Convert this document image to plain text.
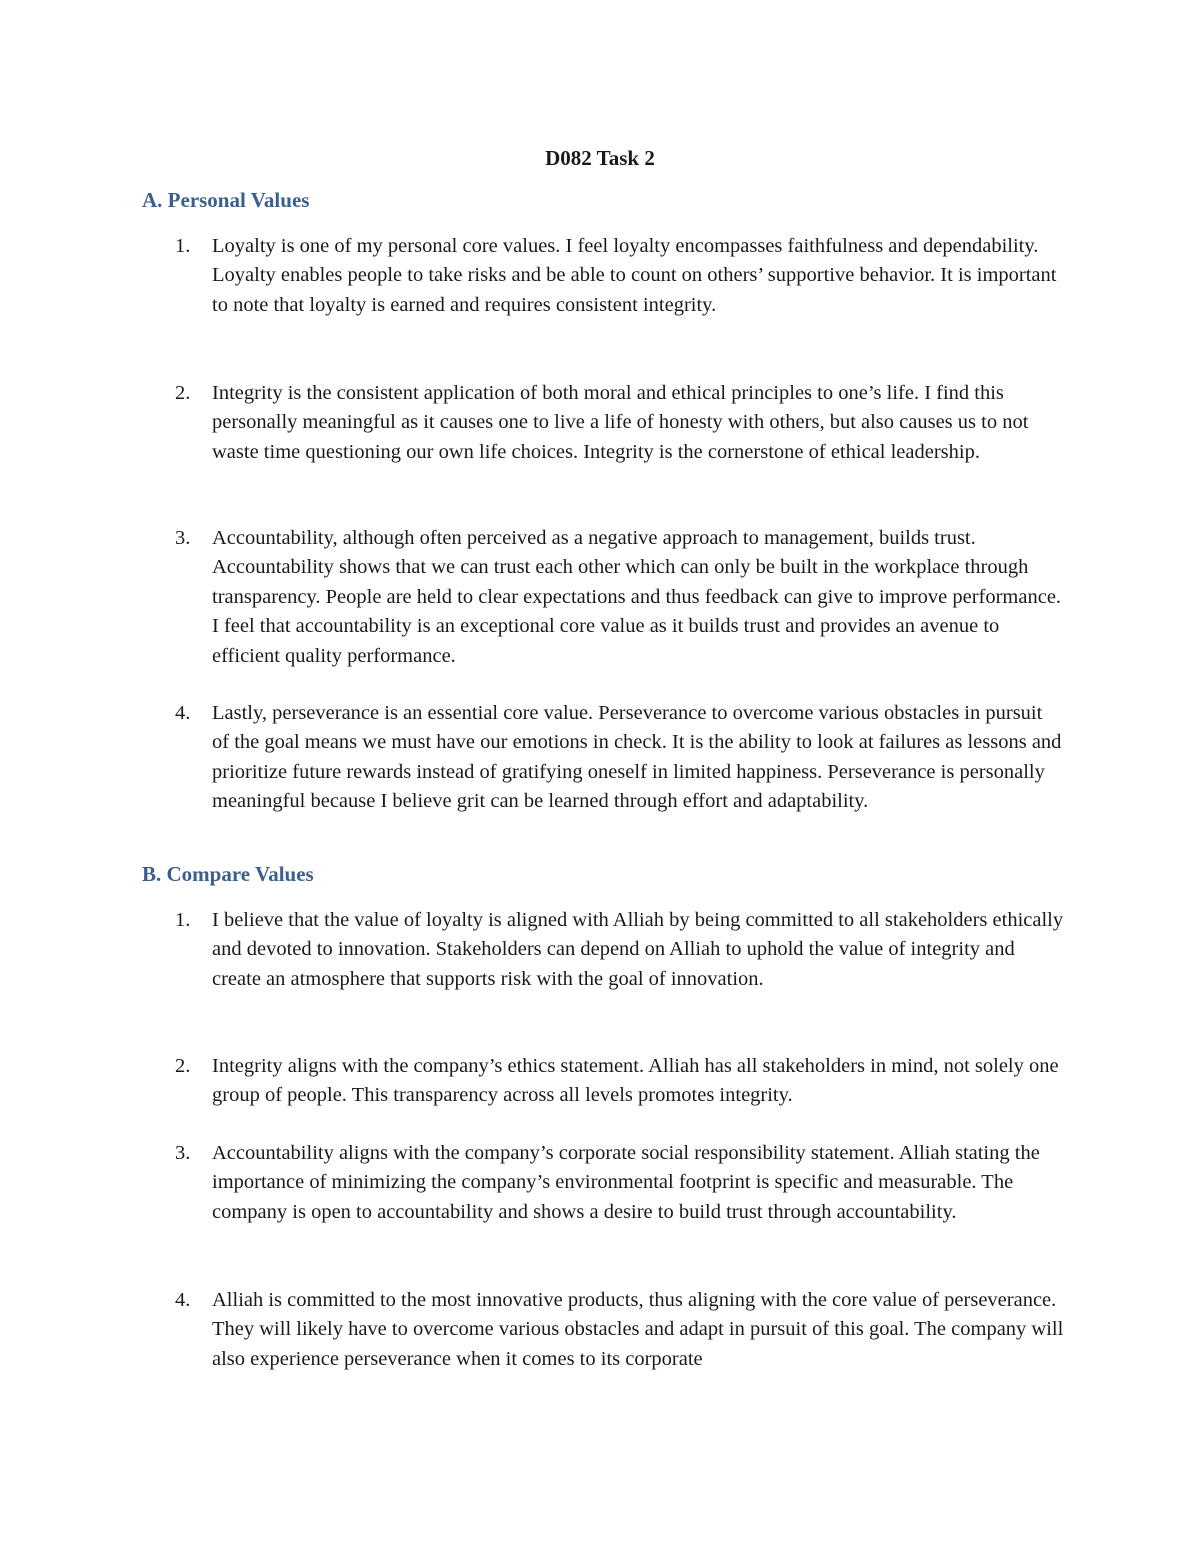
D082 Task 2
A. Personal Values
1. Loyalty is one of my personal core values. I feel loyalty encompasses faithfulness and dependability. Loyalty enables people to take risks and be able to count on others’ supportive behavior. It is important to note that loyalty is earned and requires consistent integrity.

2. Integrity is the consistent application of both moral and ethical principles to one’s life. I find this personally meaningful as it causes one to live a life of honesty with others, but also causes us to not waste time questioning our own life choices. Integrity is the cornerstone of ethical leadership.

3. Accountability, although often perceived as a negative approach to management, builds trust. Accountability shows that we can trust each other which can only be built in the workplace through transparency. People are held to clear expectations and thus feedback can give to improve performance. I feel that accountability is an exceptional core value as it builds trust and provides an avenue to efficient quality performance.

4. Lastly, perseverance is an essential core value. Perseverance to overcome various obstacles in pursuit of the goal means we must have our emotions in check. It is the ability to look at failures as lessons and prioritize future rewards instead of gratifying oneself in limited happiness. Perseverance is personally meaningful because I believe grit can be learned through effort and adaptability.

B. Compare Values
1. I believe that the value of loyalty is aligned with Alliah by being committed to all stakeholders ethically and devoted to innovation. Stakeholders can depend on Alliah to uphold the value of integrity and create an atmosphere that supports risk with the goal of innovation.

2. Integrity aligns with the company’s ethics statement. Alliah has all stakeholders in mind, not solely one group of people. This transparency across all levels promotes integrity.

3. Accountability aligns with the company’s corporate social responsibility statement. Alliah stating the importance of minimizing the company’s environmental footprint is specific and measurable. The company is open to accountability and shows a desire to build trust through accountability.

4. Alliah is committed to the most innovative products, thus aligning with the core value of perseverance. They will likely have to overcome various obstacles and adapt in pursuit of this goal. The company will also experience perseverance when it comes to its corporate
